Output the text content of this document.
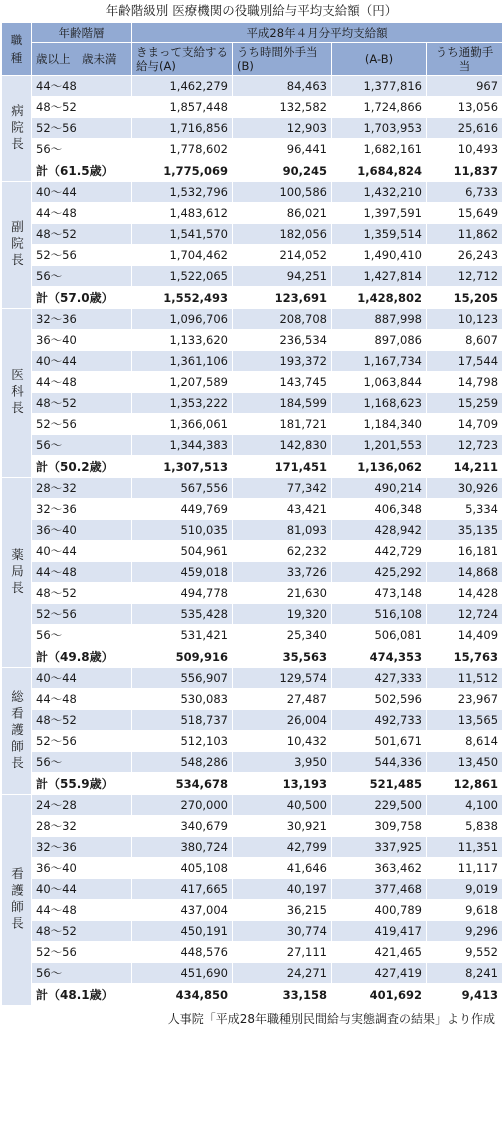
年齢階級別 医療機関の役職別給与平均支給額（円）
職
種	年齢階層	平成28年４月分平均支給額			
	歳以上　歳未満	きまって支給する給与(A)	うち時間外手当(B)	(A-B)	うち通勤手当

病院長	44～48	1,462,279	84,463	1,377,816	967
	48～52	1,857,448	132,582	1,724,866	13,056
	52～56	1,716,856	12,903	1,703,953	25,616
	56～	1,778,602	96,441	1,682,161	10,493
	計（61.5歳）	1,775,069	90,245	1,684,824	11,837

副院長	40～44	1,532,796	100,586	1,432,210	6,733
	44～48	1,483,612	86,021	1,397,591	15,649
	48～52	1,541,570	182,056	1,359,514	11,862
	52～56	1,704,462	214,052	1,490,410	26,243
	56～	1,522,065	94,251	1,427,814	12,712
	計（57.0歳）	1,552,493	123,691	1,428,802	15,205

医科長	32～36	1,096,706	208,708	887,998	10,123
	36～40	1,133,620	236,534	897,086	8,607
	40～44	1,361,106	193,372	1,167,734	17,544
	44～48	1,207,589	143,745	1,063,844	14,798
	48～52	1,353,222	184,599	1,168,623	15,259
	52～56	1,366,061	181,721	1,184,340	14,709
	56～	1,344,383	142,830	1,201,553	12,723
	計（50.2歳）	1,307,513	171,451	1,136,062	14,211

薬局長	28～32	567,556	77,342	490,214	30,926
	32～36	449,769	43,421	406,348	5,334
	36～40	510,035	81,093	428,942	35,135
	40～44	504,961	62,232	442,729	16,181
	44～48	459,018	33,726	425,292	14,868
	48～52	494,778	21,630	473,148	14,428
	52～56	535,428	19,320	516,108	12,724
	56～	531,421	25,340	506,081	14,409
	計（49.8歳）	509,916	35,563	474,353	15,763

総看護師長	40～44	556,907	129,574	427,333	11,512
	44～48	530,083	27,487	502,596	23,967
	48～52	518,737	26,004	492,733	13,565
	52～56	512,103	10,432	501,671	8,614
	56～	548,286	3,950	544,336	13,450
	計（55.9歳）	534,678	13,193	521,485	12,861

看護師長	24～28	270,000	40,500	229,500	4,100
	28～32	340,679	30,921	309,758	5,838
	32～36	380,724	42,799	337,925	11,351
	36～40	405,108	41,646	363,462	11,117
	40～44	417,665	40,197	377,468	9,019
	44～48	437,004	36,215	400,789	9,618
	48～52	450,191	30,774	419,417	9,296
	52～56	448,576	27,111	421,465	9,552
	56～	451,690	24,271	427,419	8,241
	計（48.1歳）	434,850	33,158	401,692	9,413
人事院「平成28年職種別民間給与実態調査の結果」より作成
